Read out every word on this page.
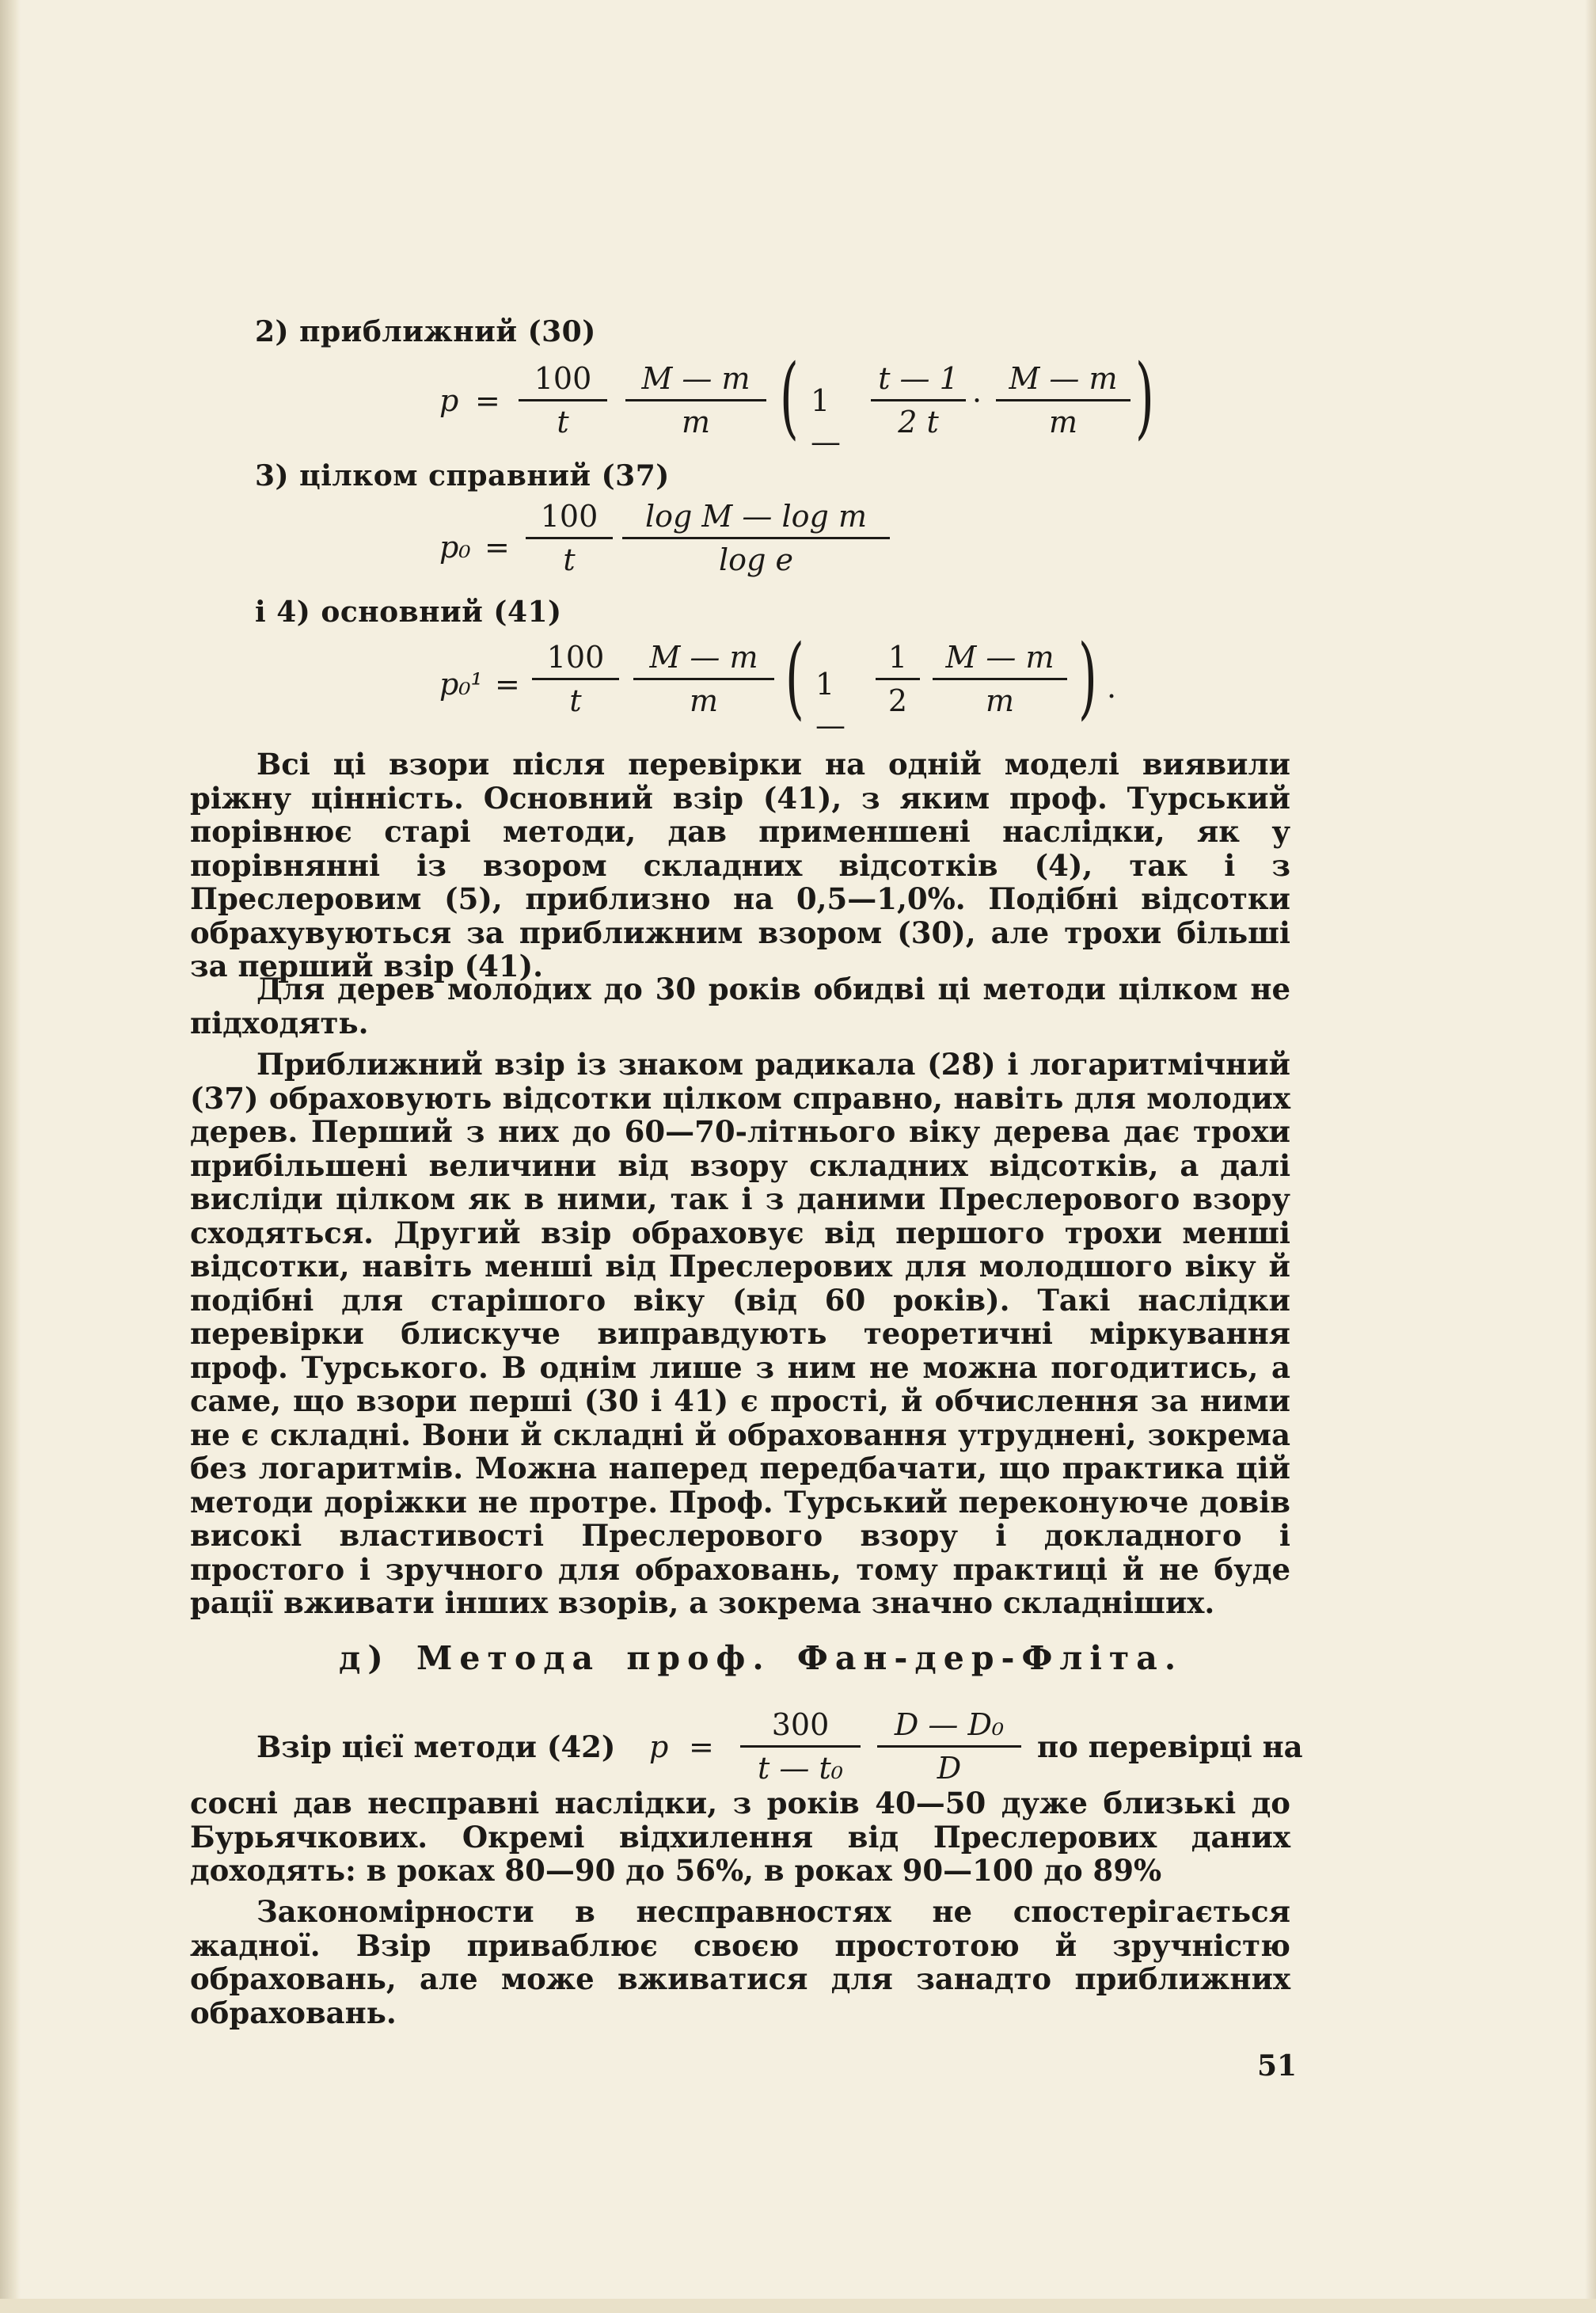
2) приближний (30)
$p = \frac{100}{t} \frac{M — m}{m}$ ( 1 — $\frac{t — 1}{2 t} \cdot \frac{M — m}{m}$ )
3) цілком справний (37)
$p_0 = \frac{100}{t} \frac{\text{log M — log m}}{\text{log e}}$
і 4) основний (41)
$p_0^1 = \frac{100}{t} \frac{M — m}{m}$ ( 1 —
$\frac{1}{2} \frac{M — m}{m}$ ) .

Всі ці взори після перевірки на одній моделі виявили ріжну цінність. Основний взір (41), з яким проф. Турський порівнює старі методи, дав применшені наслідки, як у порівнянні із взором складних відсотків (4), так і з Преслеровим (5), приблизно на 0,5—1,0%. Подібні відсотки обрахувуються за приближним взором (30), але трохи більші за перший взір (41).

Для дерев молодих до 30 років обидві ці методи цілком не підходять.

Приближний взір із знаком радикала (28) і логаритмічний (37) обраховують відсотки цілком справно, навіть для молодих дерев. Перший з них до 60—70-літнього віку дерева дає трохи прибільшені величини від взору складних відсотків, а далі висліди цілком як в ними, так і з даними Преслерового взору сходяться. Другий взір обраховує від першого трохи менші відсотки, навіть менші від Преслерових для молодшого віку й подібні для старішого віку (від 60 років). Такі наслідки перевірки блискуче виправдують теоретичні міркування проф. Турського. В однім лише з ним не можна погодитись, а саме, що взори перші (30 і 41) є прості, й обчислення за ними не є складні. Вони й складні й обраховання утруднені, зокрема без логаритмів. Можна наперед передбачати, що практика цій методи доріжки не протре. Проф. Турський переконуюче довів високі властивості Преслерового взору і докладного і простого і зручного для обраховань, тому практиці й не буде рації вживати інших взорів, а зокрема значно складніших.

д) Метода проф. Фан-дер-Фліта.
Взір цієї методи (42) $p = \frac{300}{\text{t — t₀}} \frac{\text{D — D₀}}{D}$ по перевірці на

сосні дав несправні наслідки, з років 40—50 дуже близькі до Бурьячкових. Окремі відхилення від Преслерових даних доходять: в роках 80—90 до 56%, в роках 90—100 до 89%

Закономірности в несправностях не спостерігається жадної. Взір приваблює своєю простотою й зручністю обраховань, але може вживатися для занадто приближних обраховань.

51
